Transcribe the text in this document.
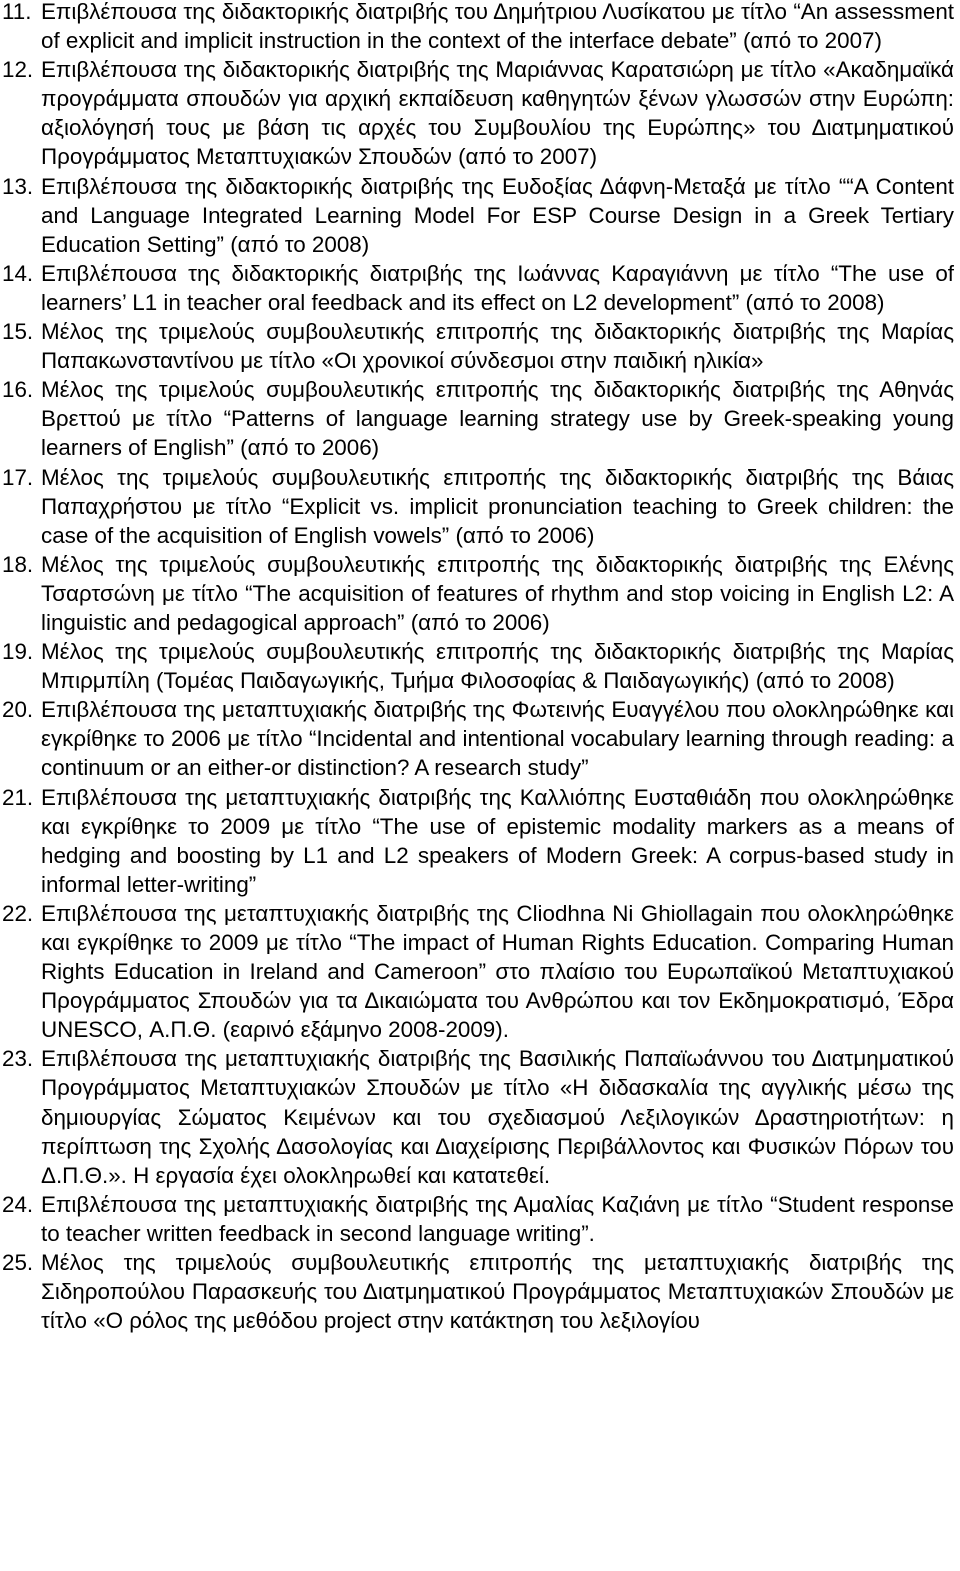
11. Επιβλέπουσα της διδακτορικής διατριβής του Δημήτριου Λυσίκατου με τίτλο “An assessment of explicit and implicit instruction in the context of the interface debate” (από το 2007)
12. Επιβλέπουσα της διδακτορικής διατριβής της Μαριάννας Καρατσιώρη με τίτλο «Ακαδημαϊκά προγράμματα σπουδών για αρχική εκπαίδευση καθηγητών ξένων γλωσσών στην Ευρώπη: αξιολόγησή τους με βάση τις αρχές του Συμβουλίου της Ευρώπης» του Διατμηματικού Προγράμματος Μεταπτυχιακών Σπουδών (από το 2007)
13. Επιβλέπουσα της διδακτορικής διατριβής της Ευδοξίας Δάφνη-Μεταξά με τίτλο ““A Content and Language Integrated Learning Model For ESP Course Design in a Greek Tertiary Education Setting” (από το 2008)
14. Επιβλέπουσα της διδακτορικής διατριβής της Ιωάννας Καραγιάννη με τίτλο “The use of learners’ L1 in teacher oral feedback and its effect on L2 development” (από το 2008)
15. Μέλος της τριμελούς συμβουλευτικής επιτροπής της διδακτορικής διατριβής της Μαρίας Παπακωνσταντίνου με τίτλο «Οι χρονικοί σύνδεσμοι στην παιδική ηλικία»
16. Μέλος της τριμελούς συμβουλευτικής επιτροπής της διδακτορικής διατριβής της Αθηνάς Βρεττού με τίτλο “Patterns of language learning strategy use by Greek-speaking young learners of English” (από το 2006)
17. Μέλος της τριμελούς συμβουλευτικής επιτροπής της διδακτορικής διατριβής της Βάιας Παπαχρήστου με τίτλο “Explicit vs. implicit pronunciation teaching to Greek children: the case of the acquisition of English vowels” (από το 2006)
18. Μέλος της τριμελούς συμβουλευτικής επιτροπής της διδακτορικής διατριβής της Ελένης Τσαρτσώνη με τίτλο “The acquisition of features of rhythm and stop voicing in English L2: A linguistic and pedagogical approach” (από το 2006)
19. Μέλος της τριμελούς συμβουλευτικής επιτροπής της διδακτορικής διατριβής της Μαρίας Μπιρμπίλη (Τομέας Παιδαγωγικής, Τμήμα Φιλοσοφίας & Παιδαγωγικής) (από το 2008)
20. Επιβλέπουσα της μεταπτυχιακής διατριβής της Φωτεινής Ευαγγέλου που ολοκληρώθηκε και εγκρίθηκε το 2006 με τίτλο “Incidental and intentional vocabulary learning through reading: a continuum or an either-or distinction? A research study”
21. Επιβλέπουσα της μεταπτυχιακής διατριβής της Καλλιόπης Ευσταθιάδη που ολοκληρώθηκε και εγκρίθηκε το 2009 με τίτλο “The use of epistemic modality markers as a means of hedging and boosting by L1 and L2 speakers of Modern Greek: A corpus-based study in informal letter-writing”
22. Επιβλέπουσα της μεταπτυχιακής διατριβής της Cliodhna Ni Ghiollagain που ολοκληρώθηκε και εγκρίθηκε το 2009 με τίτλο “The impact of Human Rights Education. Comparing Human Rights Education in Ireland and Cameroon” στο πλαίσιο του Ευρωπαϊκού Μεταπτυχιακού Προγράμματος Σπουδών για τα Δικαιώματα του Ανθρώπου και τον Εκδημοκρατισμό, Έδρα UNESCO, Α.Π.Θ. (εαρινό εξάμηνο 2008-2009).
23. Επιβλέπουσα της μεταπτυχιακής διατριβής της Βασιλικής Παπαϊωάννου του Διατμηματικού Προγράμματος Μεταπτυχιακών Σπουδών με τίτλο «Η διδασκαλία της αγγλικής μέσω της δημιουργίας Σώματος Κειμένων και του σχεδιασμού Λεξιλογικών Δραστηριοτήτων: η περίπτωση της Σχολής Δασολογίας και Διαχείρισης Περιβάλλοντος και Φυσικών Πόρων του Δ.Π.Θ.». Η εργασία έχει ολοκληρωθεί και κατατεθεί.
24. Επιβλέπουσα της μεταπτυχιακής διατριβής της Αμαλίας Καζιάνη με τίτλο “Student response to teacher written feedback in second language writing”.
25. Μέλος της τριμελούς συμβουλευτικής επιτροπής της μεταπτυχιακής διατριβής της Σιδηροπούλου Παρασκευής του Διατμηματικού Προγράμματος Μεταπτυχιακών Σπουδών με τίτλο «Ο ρόλος της μεθόδου project στην κατάκτηση του λεξιλογίου
